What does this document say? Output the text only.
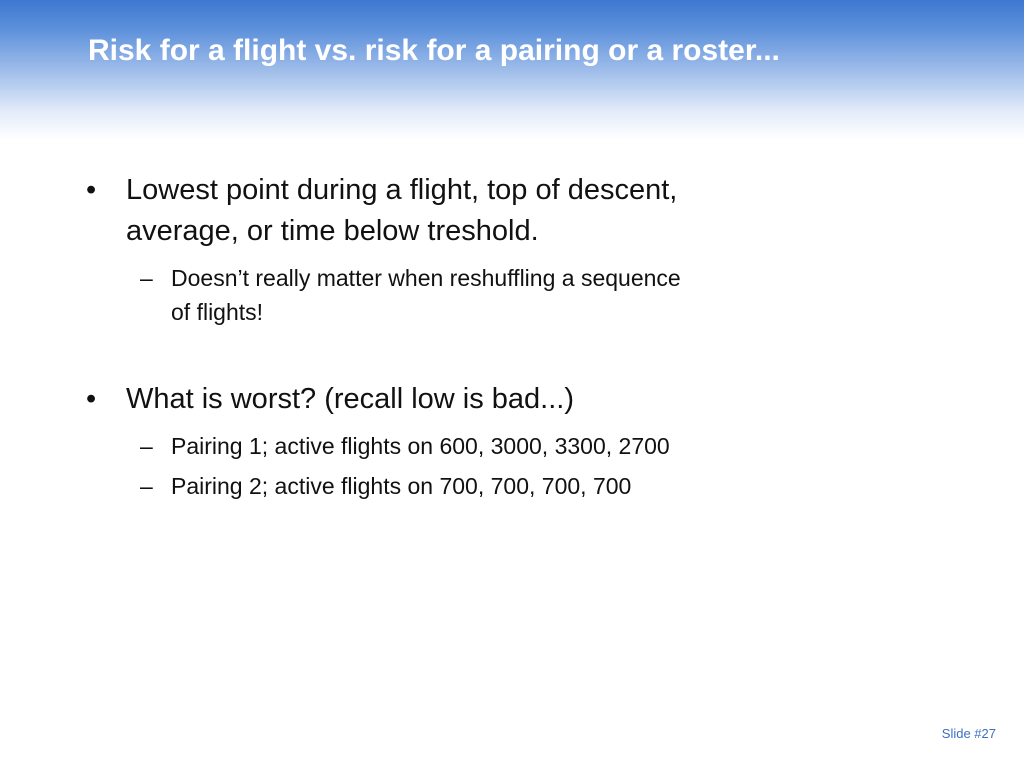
Risk for a flight vs. risk for a pairing or a roster...
•	Lowest point during a flight, top of descent, average, or time below treshold.
– Doesn’t really matter when reshuffling a sequence of flights!
•	What is worst? (recall low is bad...)
– Pairing 1; active flights on 600, 3000, 3300, 2700
– Pairing 2; active flights on 700, 700, 700, 700
Slide #27
